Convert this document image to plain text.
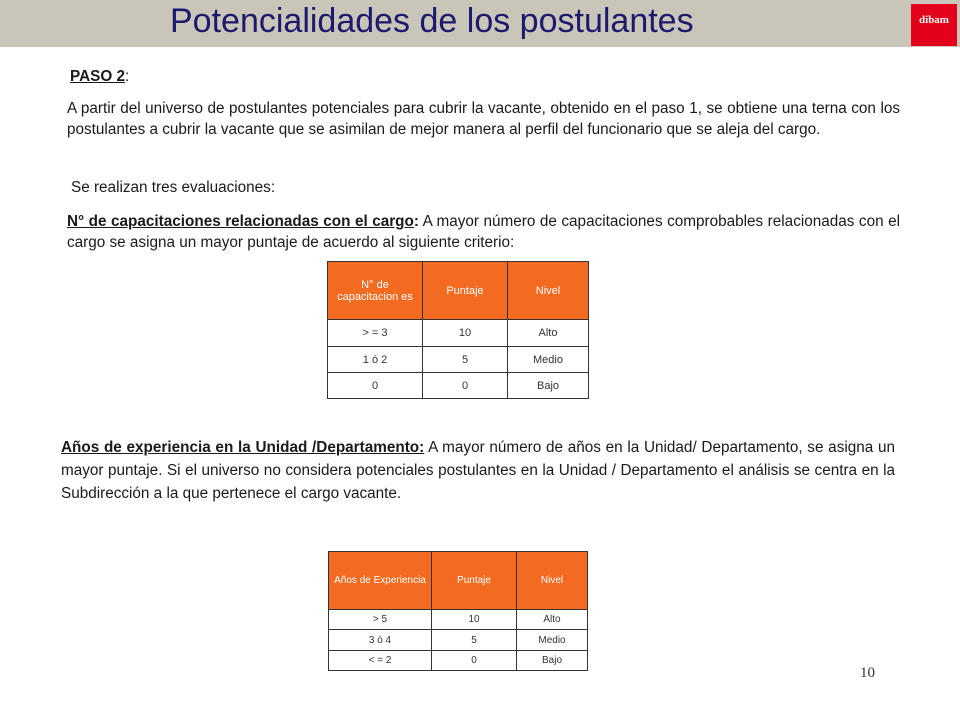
Potencialidades de los postulantes	dibam

PASO 2:

A partir del universo de postulantes potenciales para cubrir la vacante, obtenido en el paso 1, se obtiene una terna con los postulantes a cubrir la vacante que se asimilan de mejor manera al perfil del funcionario que se aleja del cargo.

Se realizan tres evaluaciones:

N° de capacitaciones relacionadas con el cargo: A mayor número de capacitaciones comprobables relacionadas con el cargo se asigna un mayor puntaje de acuerdo al siguiente criterio:

N° de capacitacion es	Puntaje	Nivel
> = 3	10	Alto
1 ó 2	5	Medio
0	0	Bajo

Años de experiencia en la Unidad /Departamento: A mayor número de años en la Unidad/ Departamento, se asigna un mayor puntaje. Si el universo no considera potenciales postulantes en la Unidad / Departamento el análisis se centra en la Subdirección a la que pertenece el cargo vacante.

Años de Experiencia	Puntaje	Nivel
> 5	10	Alto
3 ó 4	5	Medio
< = 2	0	Bajo
10
